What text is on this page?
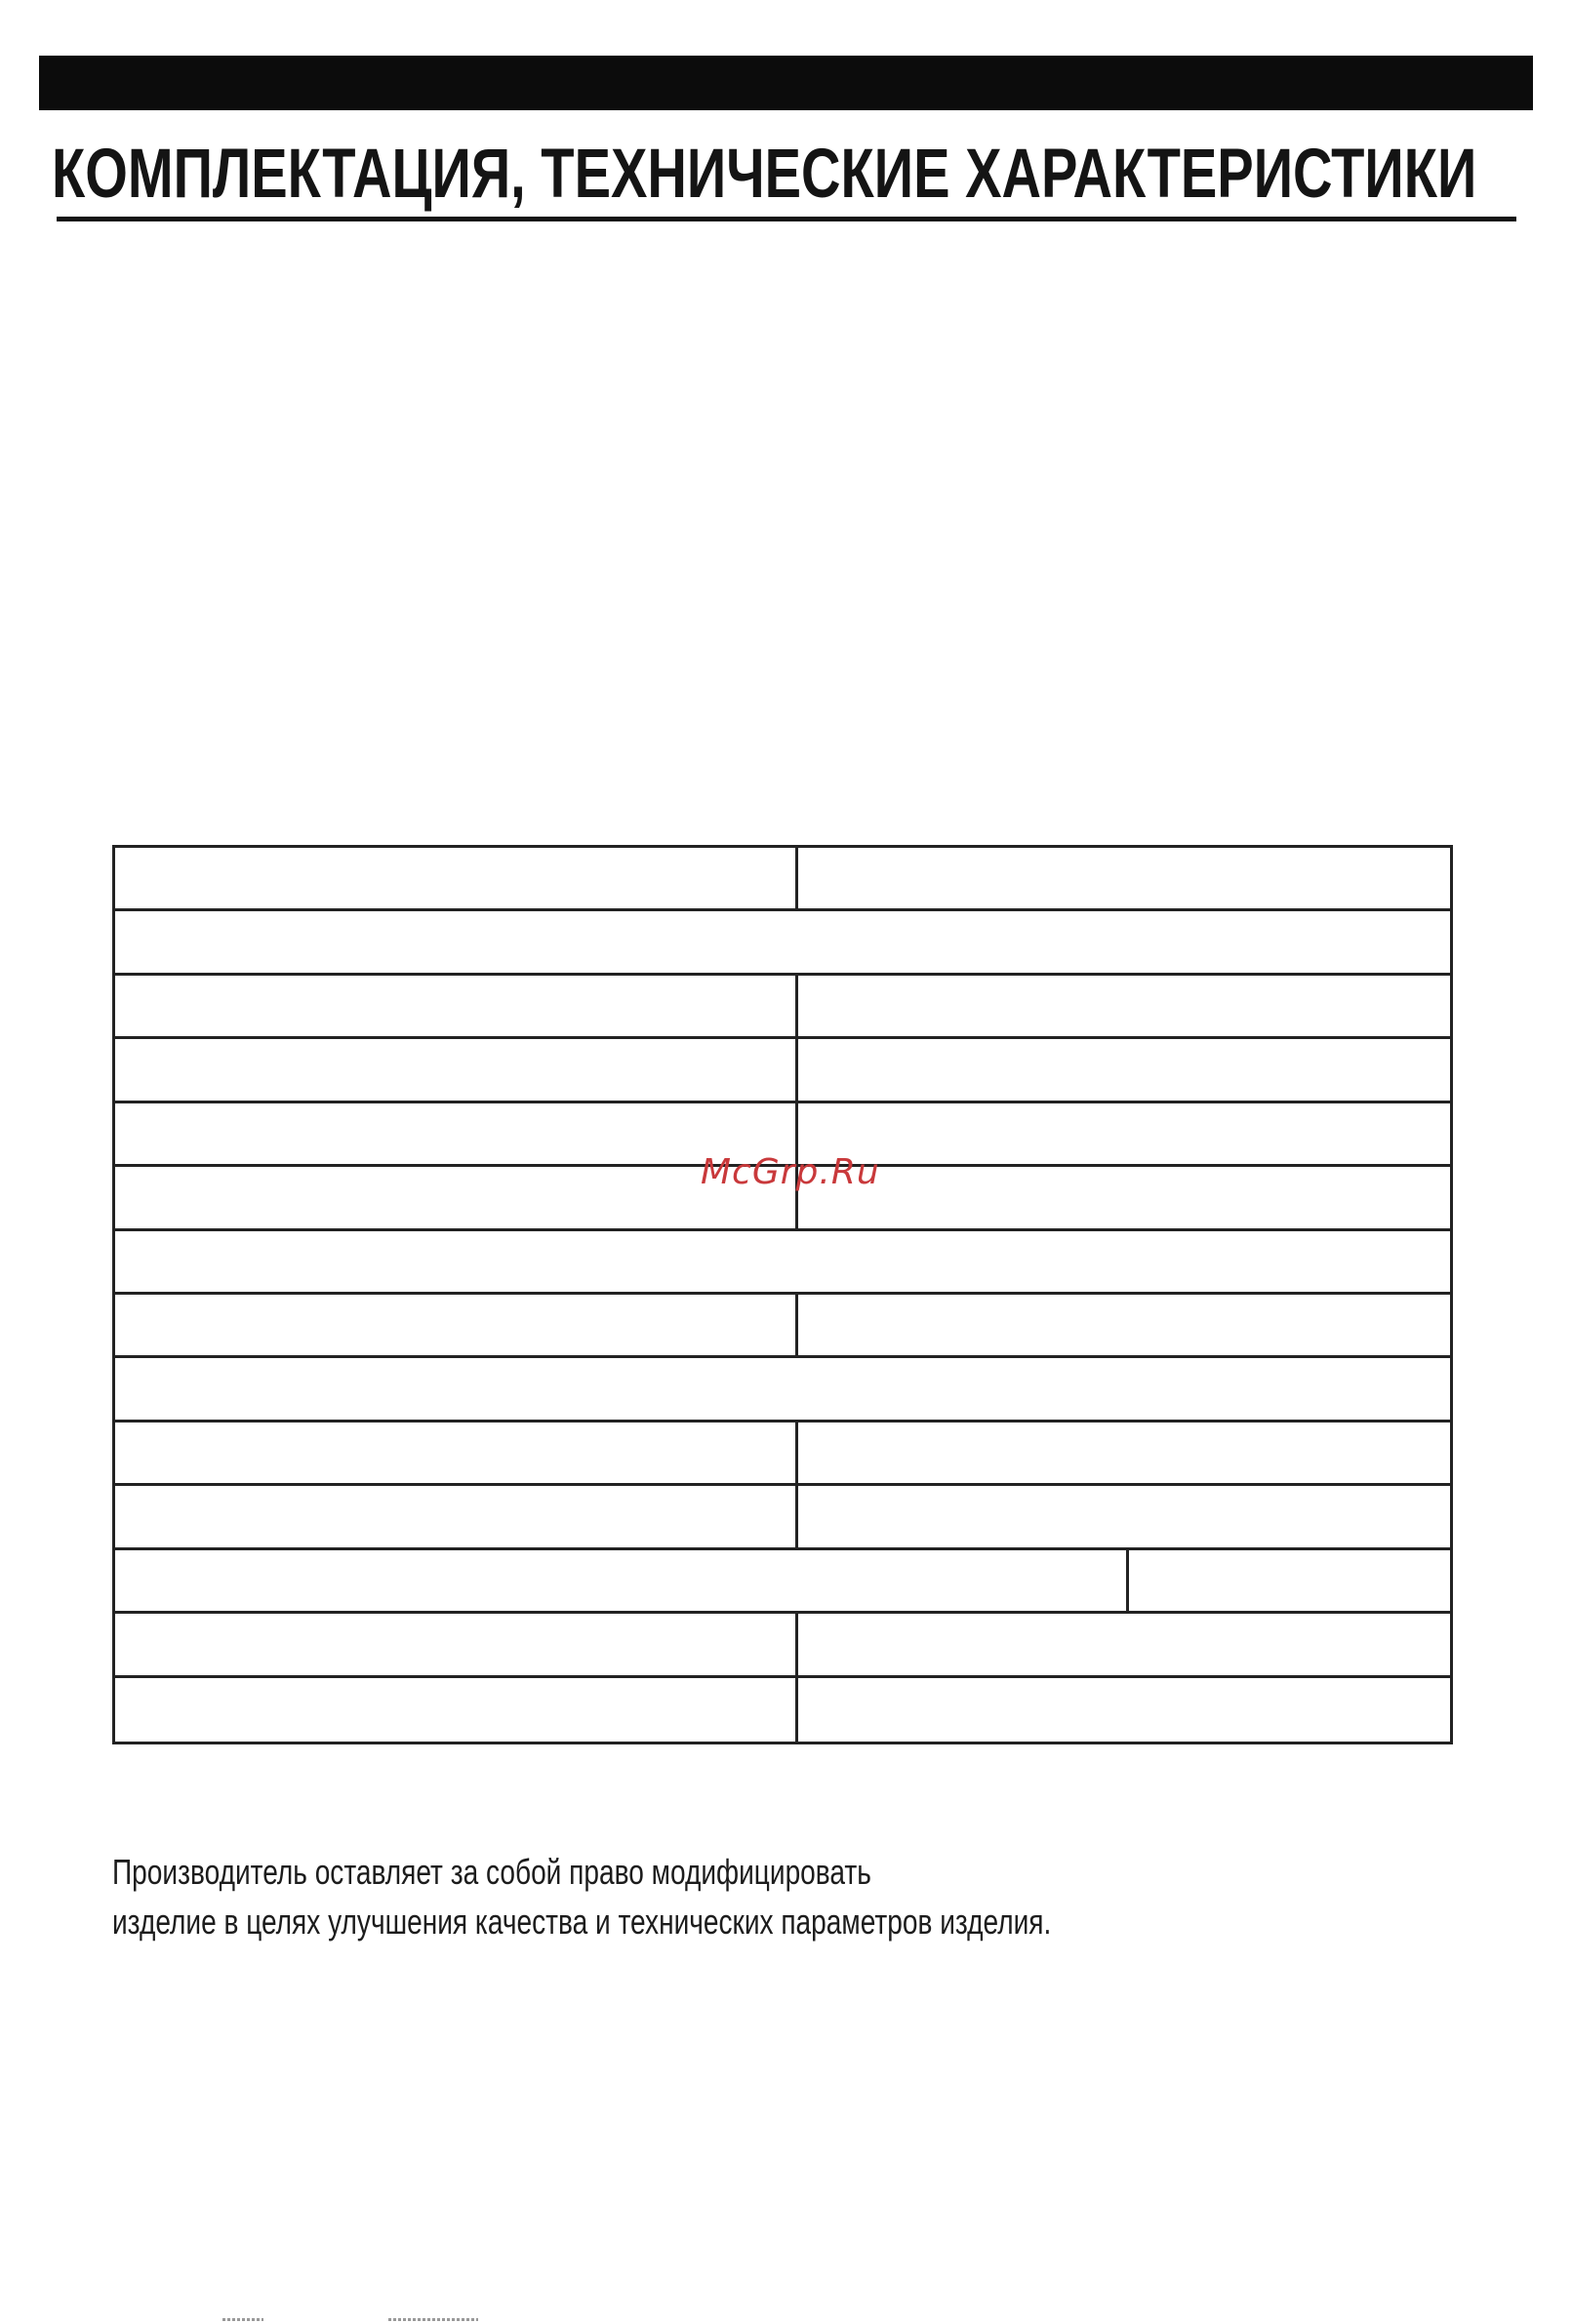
КОМПЛЕКТАЦИЯ, ТЕХНИЧЕСКИЕ ХАРАКТЕРИСТИКИ
McGrp.Ru
Производитель оставляет за собой право модифицировать
изделие в целях улучшения качества и технических параметров изделия.
